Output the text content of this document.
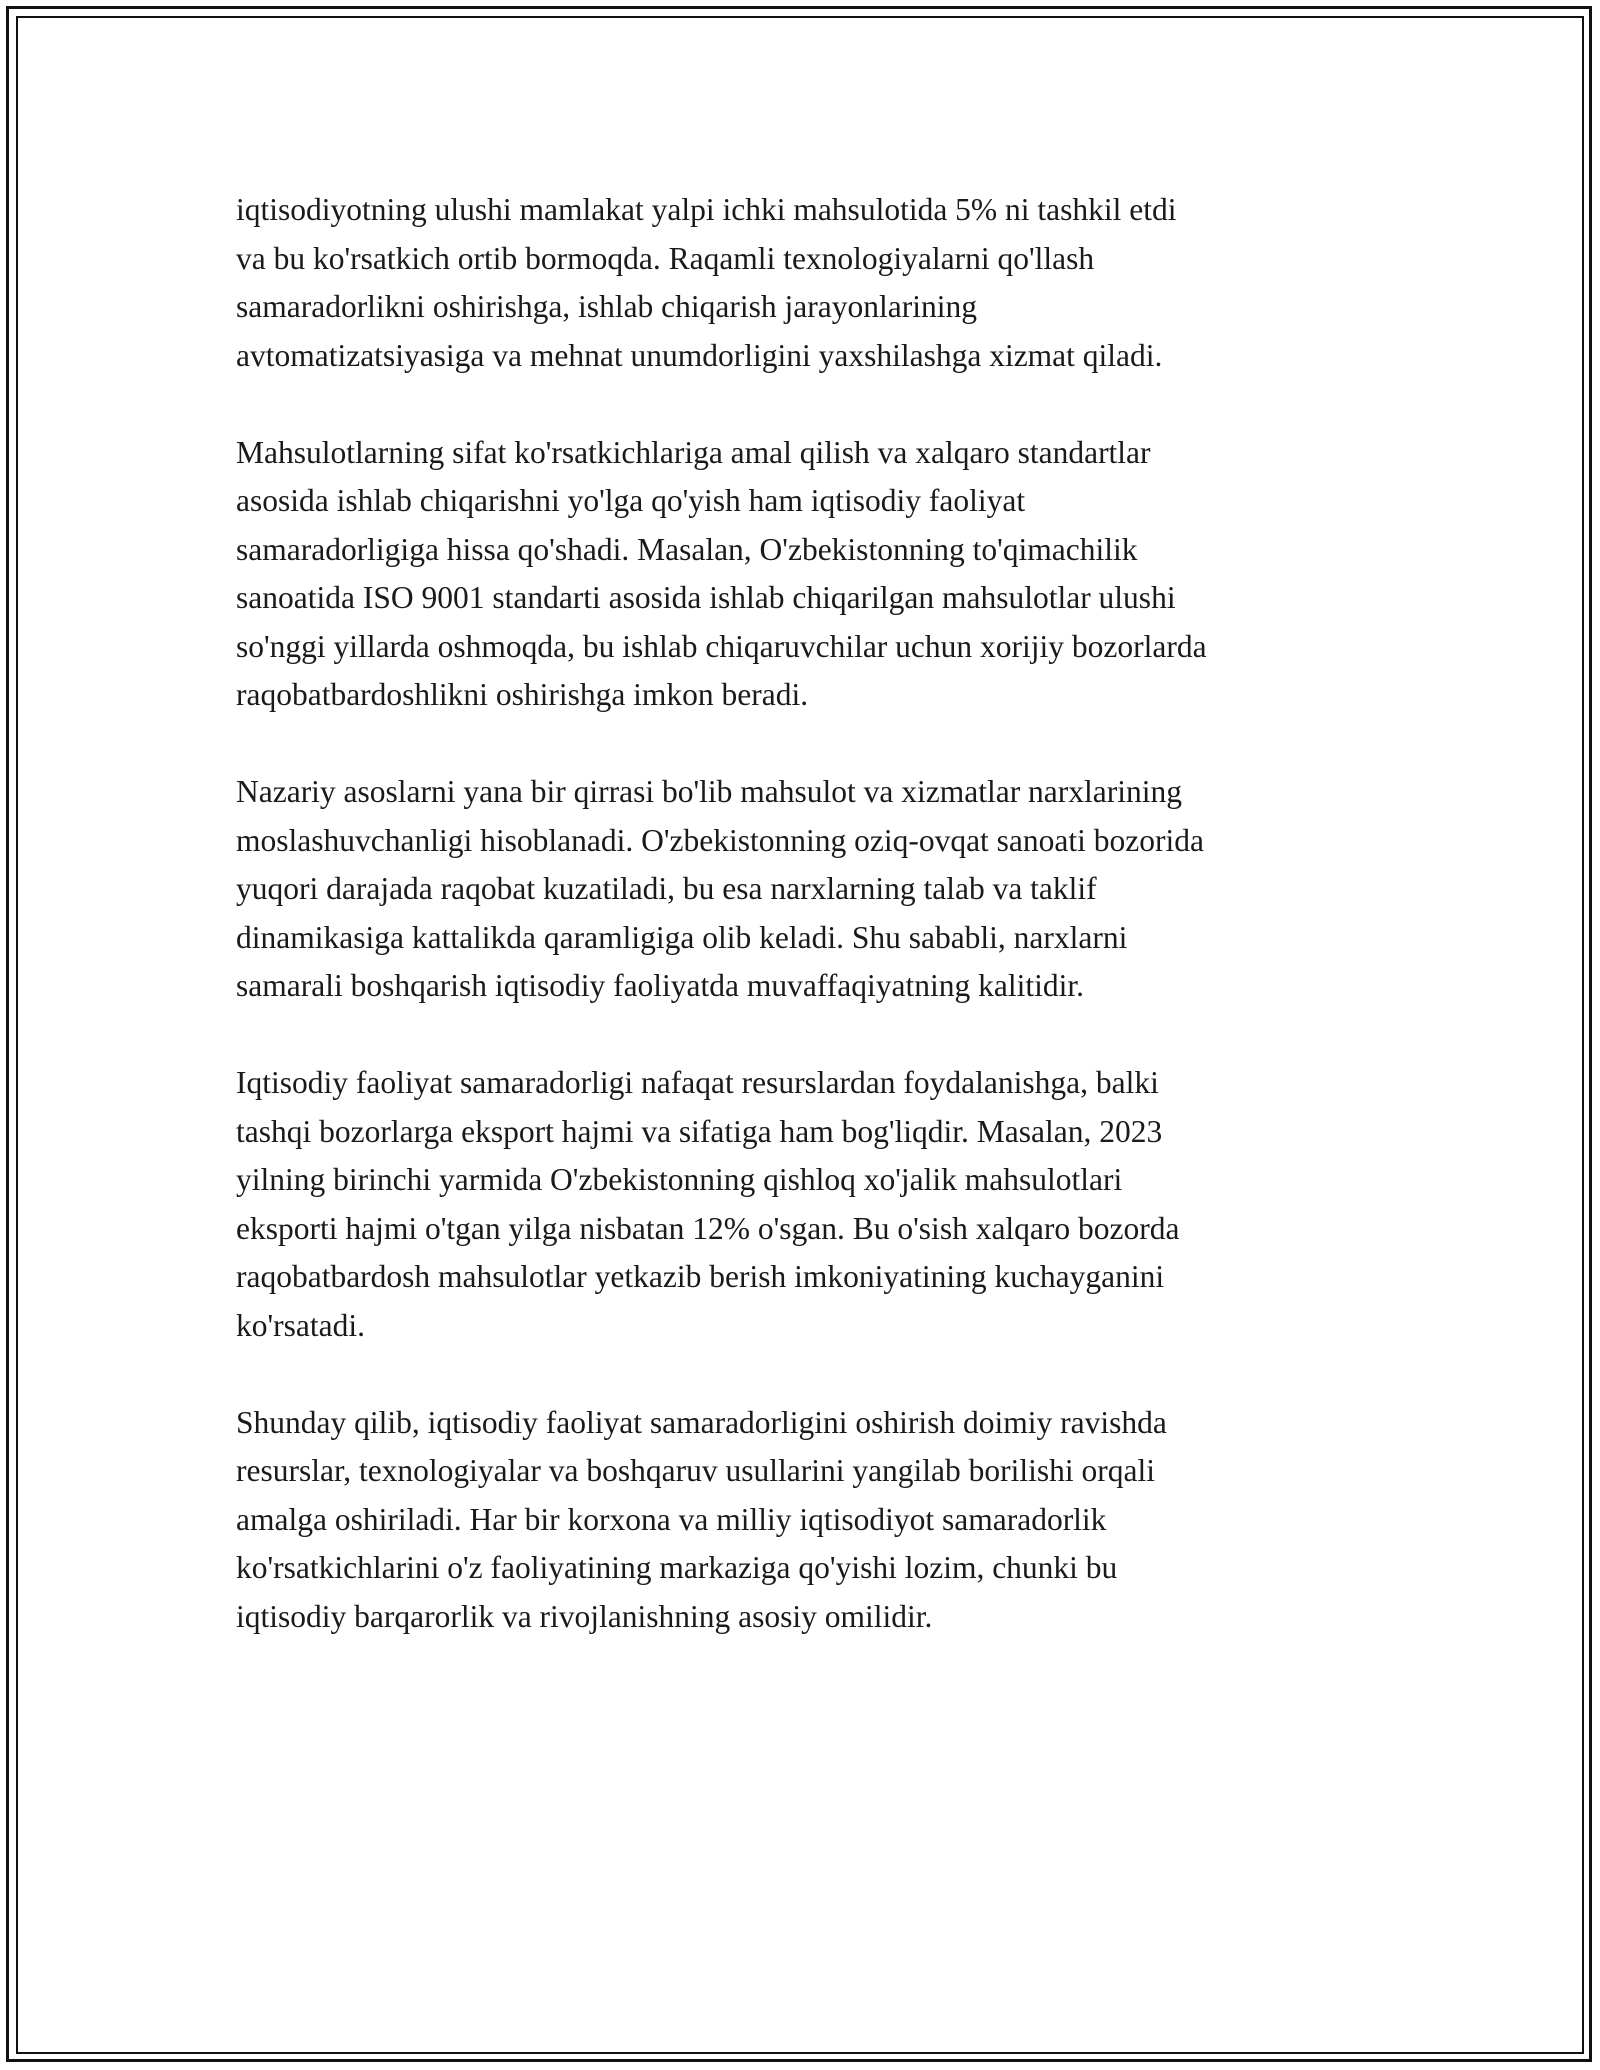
iqtisodiyotning ulushi mamlakat yalpi ichki mahsulotida 5% ni tashkil etdi
va bu ko'rsatkich ortib bormoqda. Raqamli texnologiyalarni qo'llash
samaradorlikni oshirishga, ishlab chiqarish jarayonlarining
avtomatizatsiyasiga va mehnat unumdorligini yaxshilashga xizmat qiladi.

Mahsulotlarning sifat ko'rsatkichlariga amal qilish va xalqaro standartlar
asosida ishlab chiqarishni yo'lga qo'yish ham iqtisodiy faoliyat
samaradorligiga hissa qo'shadi. Masalan, O'zbekistonning to'qimachilik
sanoatida ISO 9001 standarti asosida ishlab chiqarilgan mahsulotlar ulushi
so'nggi yillarda oshmoqda, bu ishlab chiqaruvchilar uchun xorijiy bozorlarda
raqobatbardoshlikni oshirishga imkon beradi.

Nazariy asoslarni yana bir qirrasi bo'lib mahsulot va xizmatlar narxlarining
moslashuvchanligi hisoblanadi. O'zbekistonning oziq-ovqat sanoati bozorida
yuqori darajada raqobat kuzatiladi, bu esa narxlarning talab va taklif
dinamikasiga kattalikda qaramligiga olib keladi. Shu sababli, narxlarni
samarali boshqarish iqtisodiy faoliyatda muvaffaqiyatning kalitidir.

Iqtisodiy faoliyat samaradorligi nafaqat resurslardan foydalanishga, balki
tashqi bozorlarga eksport hajmi va sifatiga ham bog'liqdir. Masalan, 2023
yilning birinchi yarmida O'zbekistonning qishloq xo'jalik mahsulotlari
eksporti hajmi o'tgan yilga nisbatan 12% o'sgan. Bu o'sish xalqaro bozorda
raqobatbardosh mahsulotlar yetkazib berish imkoniyatining kuchayganini
ko'rsatadi.

Shunday qilib, iqtisodiy faoliyat samaradorligini oshirish doimiy ravishda
resurslar, texnologiyalar va boshqaruv usullarini yangilab borilishi orqali
amalga oshiriladi. Har bir korxona va milliy iqtisodiyot samaradorlik
ko'rsatkichlarini o'z faoliyatining markaziga qo'yishi lozim, chunki bu
iqtisodiy barqarorlik va rivojlanishning asosiy omilidir.
